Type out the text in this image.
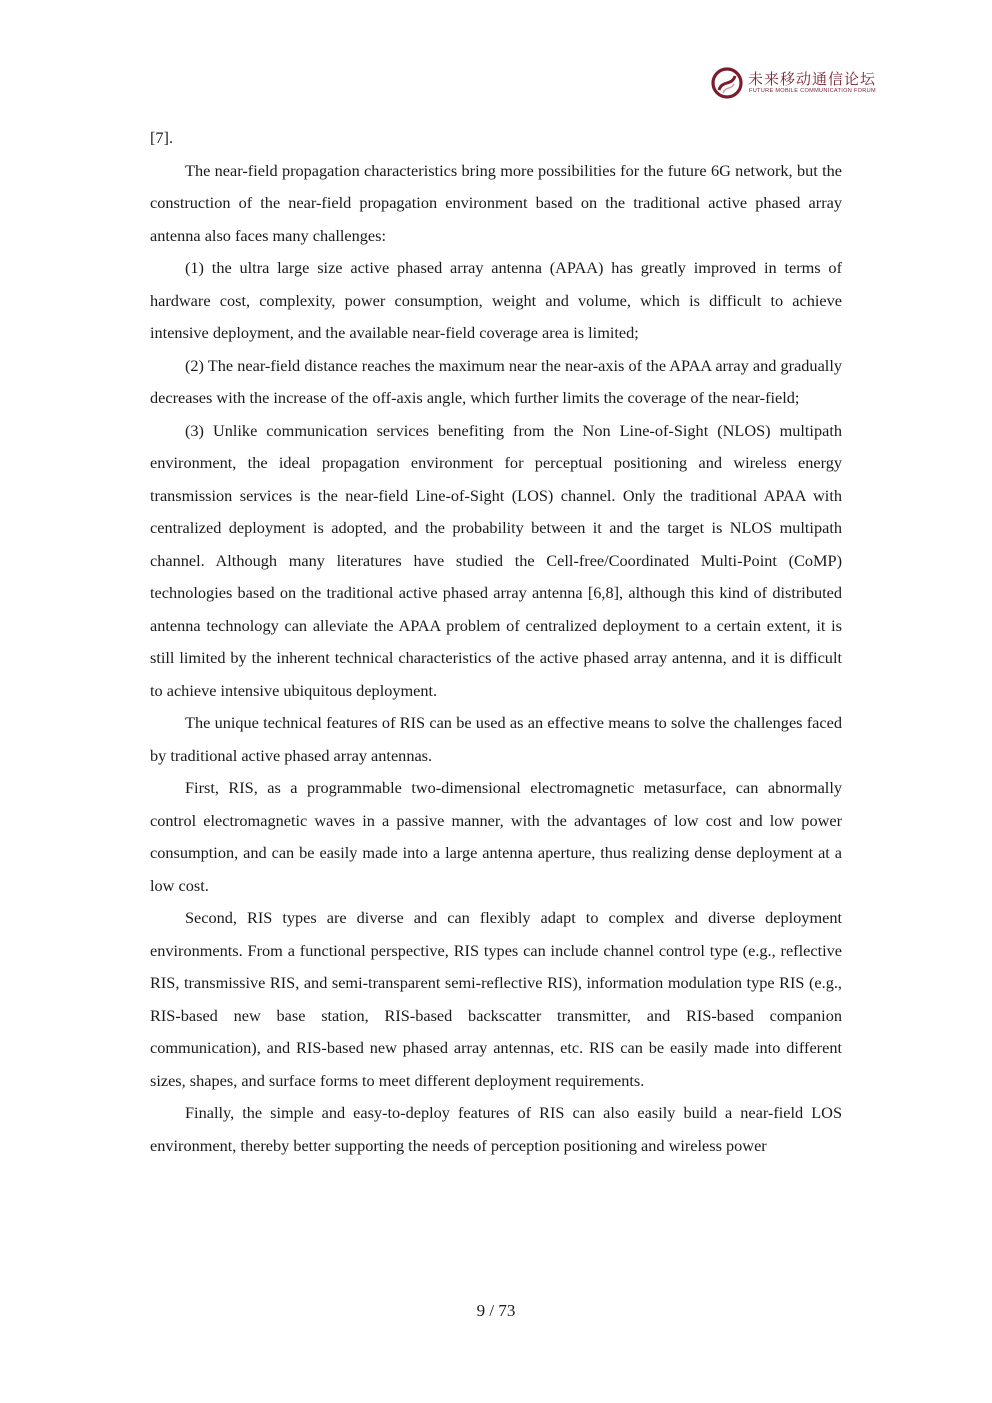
未来移动通信论坛
FUTURE MOBILE COMMUNICATION FORUM

[7].

The near-field propagation characteristics bring more possibilities for the future 6G network, but the construction of the near-field propagation environment based on the traditional active phased array antenna also faces many challenges:

(1) the ultra large size active phased array antenna (APAA) has greatly improved in terms of hardware cost, complexity, power consumption, weight and volume, which is difficult to achieve intensive deployment, and the available near-field coverage area is limited;

(2) The near-field distance reaches the maximum near the near-axis of the APAA array and gradually decreases with the increase of the off-axis angle, which further limits the coverage of the near-field;

(3) Unlike communication services benefiting from the Non Line-of-Sight (NLOS) multipath environment, the ideal propagation environment for perceptual positioning and wireless energy transmission services is the near-field Line-of-Sight (LOS) channel. Only the traditional APAA with centralized deployment is adopted, and the probability between it and the target is NLOS multipath channel. Although many literatures have studied the Cell-free/Coordinated Multi-Point (CoMP) technologies based on the traditional active phased array antenna [6,8], although this kind of distributed antenna technology can alleviate the APAA problem of centralized deployment to a certain extent, it is still limited by the inherent technical characteristics of the active phased array antenna, and it is difficult to achieve intensive ubiquitous deployment.

The unique technical features of RIS can be used as an effective means to solve the challenges faced by traditional active phased array antennas.

First, RIS, as a programmable two-dimensional electromagnetic metasurface, can abnormally control electromagnetic waves in a passive manner, with the advantages of low cost and low power consumption, and can be easily made into a large antenna aperture, thus realizing dense deployment at a low cost.

Second, RIS types are diverse and can flexibly adapt to complex and diverse deployment environments. From a functional perspective, RIS types can include channel control type (e.g., reflective RIS, transmissive RIS, and semi-transparent semi-reflective RIS), information modulation type RIS (e.g., RIS-based new base station, RIS-based backscatter transmitter, and RIS-based companion communication), and RIS-based new phased array antennas, etc. RIS can be easily made into different sizes, shapes, and surface forms to meet different deployment requirements.

Finally, the simple and easy-to-deploy features of RIS can also easily build a near-field LOS environment, thereby better supporting the needs of perception positioning and wireless power

9 / 73
